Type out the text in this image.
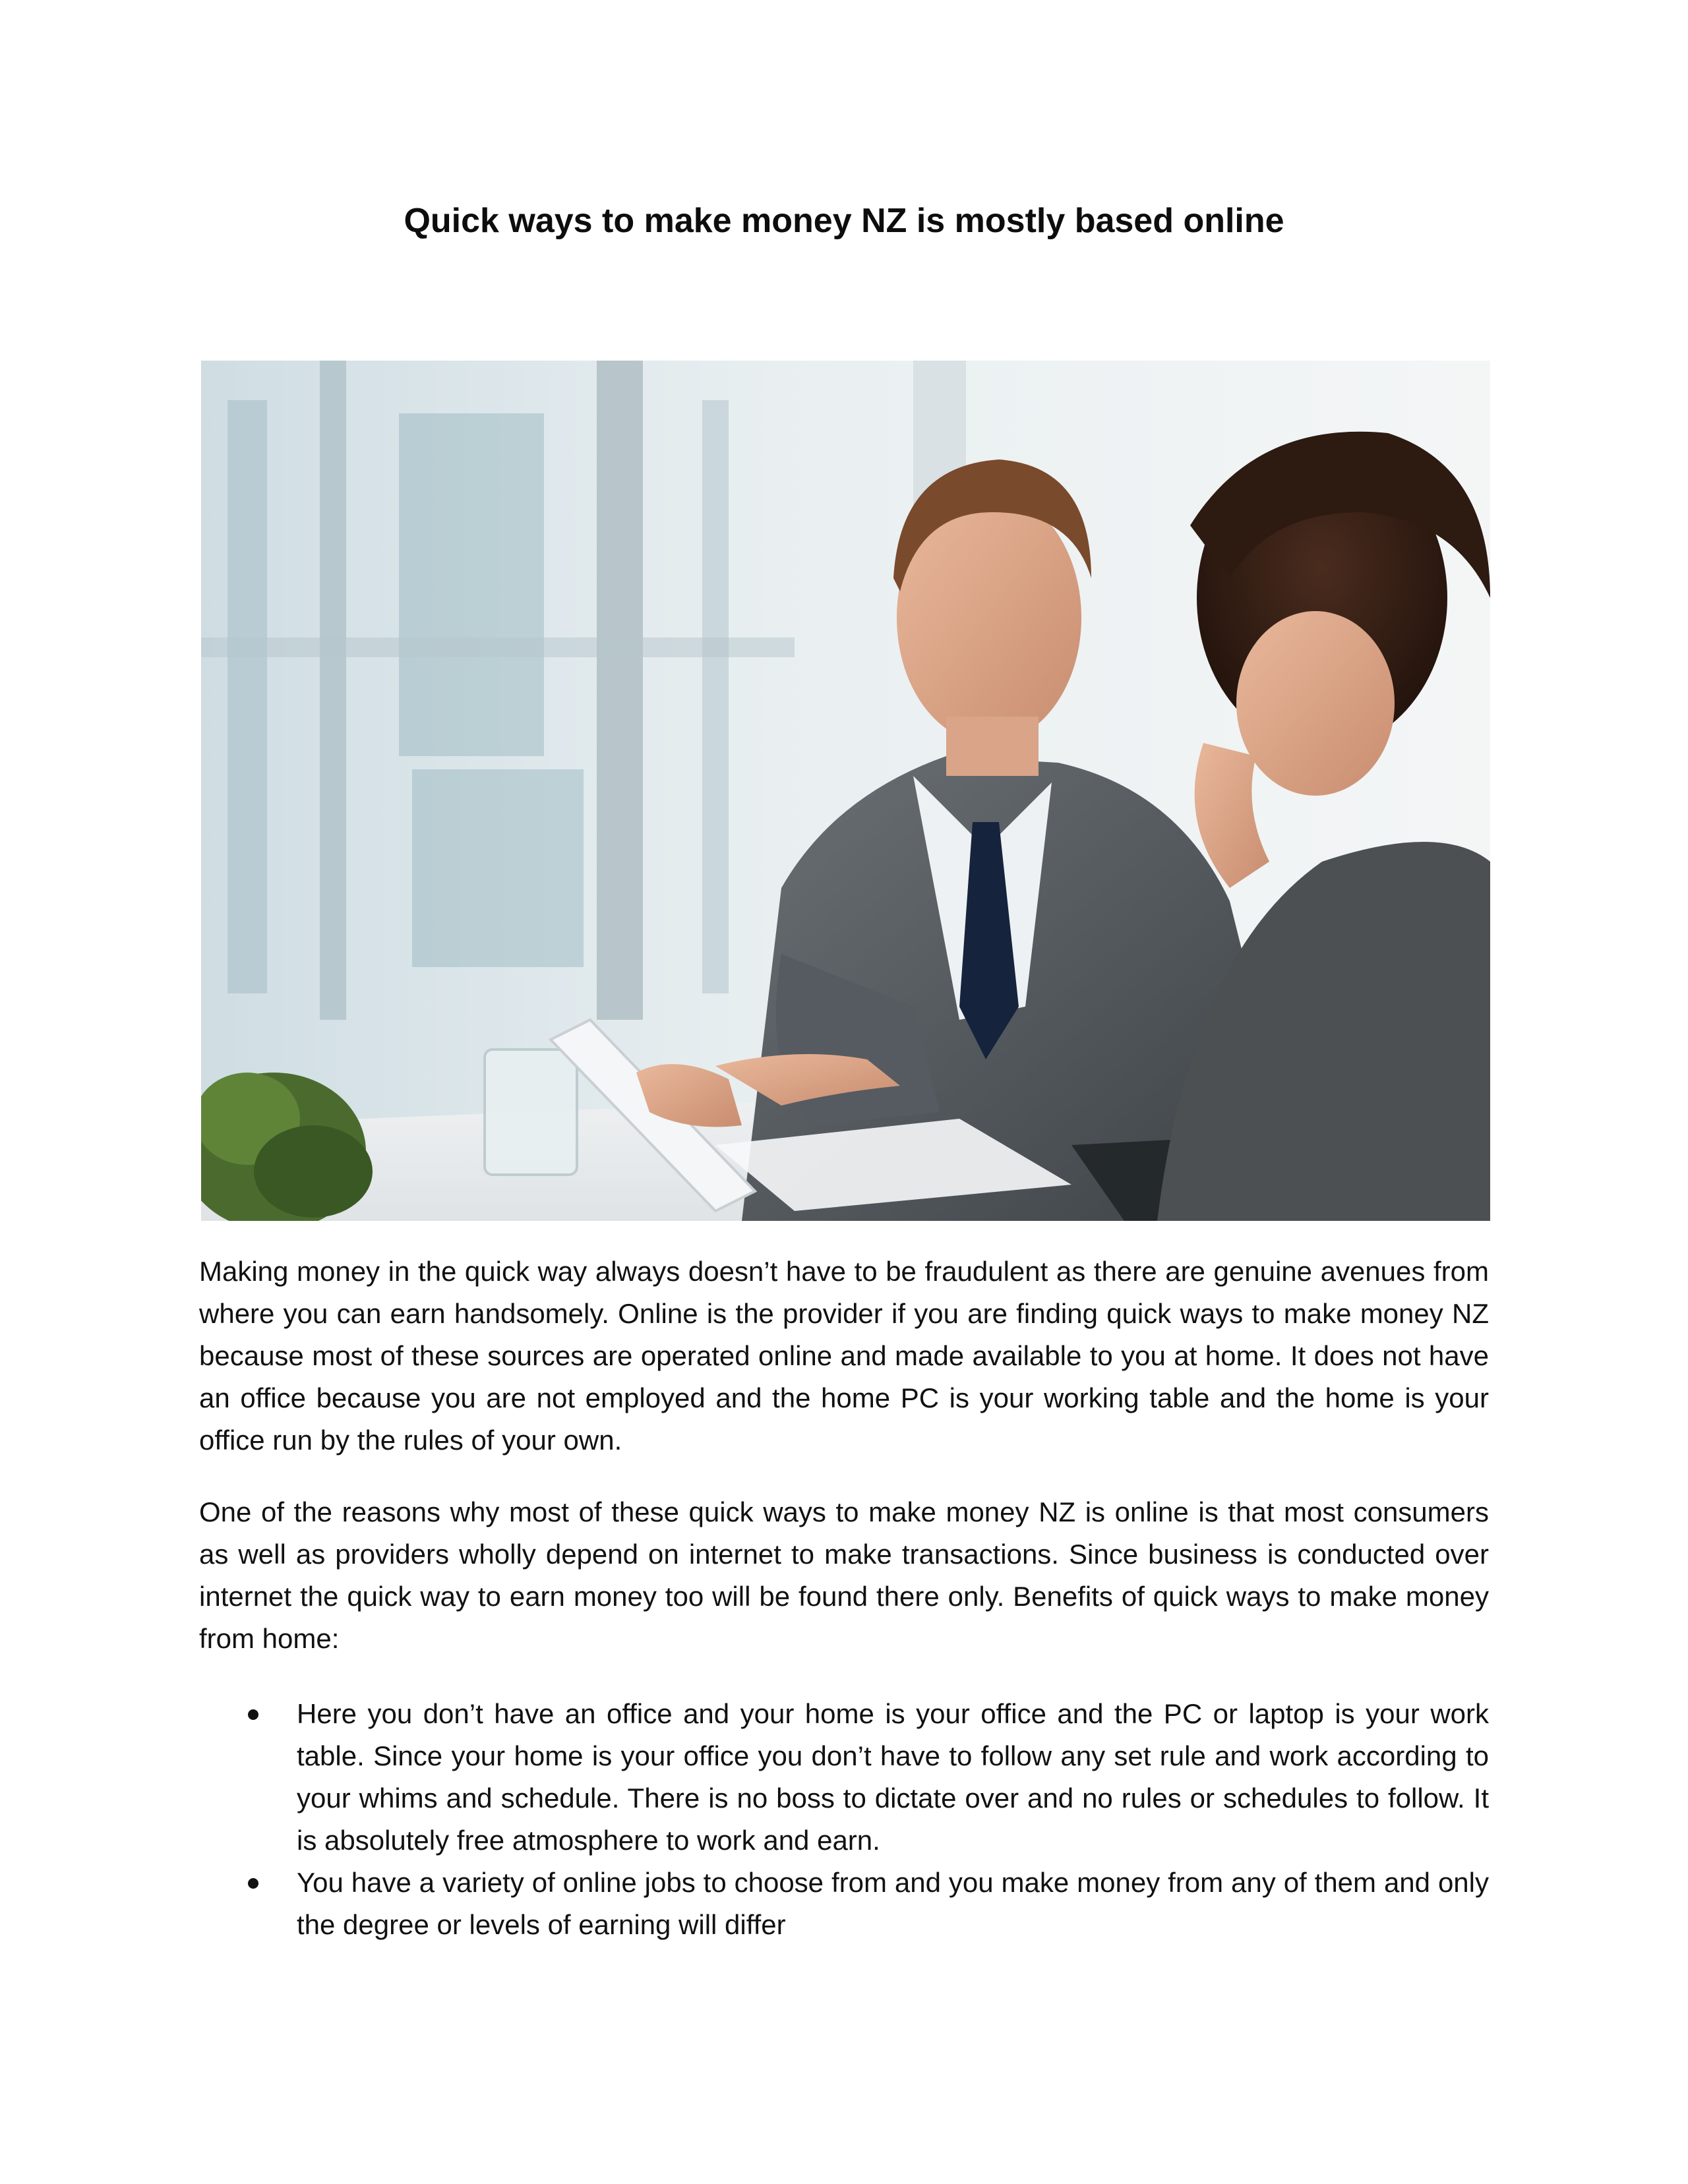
Quick ways to make money NZ is mostly based online

Making money in the quick way always doesn’t have to be fraudulent as there are genuine avenues from where you can earn handsomely. Online is the provider if you are finding quick ways to make money NZ because most of these sources are operated online and made available to you at home. It does not have an office because you are not employed and the home PC is your working table and the home is your office run by the rules of your own.

One of the reasons why most of these quick ways to make money NZ is online is that most consumers as well as providers wholly depend on internet to make transactions. Since business is conducted over internet the quick way to earn money too will be found there only. Benefits of quick ways to make money from home:

Here you don’t have an office and your home is your office and the PC or laptop is your work table. Since your home is your office you don’t have to follow any set rule and work according to your whims and schedule. There is no boss to dictate over and no rules or schedules to follow. It is absolutely free atmosphere to work and earn.
You have a variety of online jobs to choose from and you make money from any of them and only the degree or levels of earning will differ
